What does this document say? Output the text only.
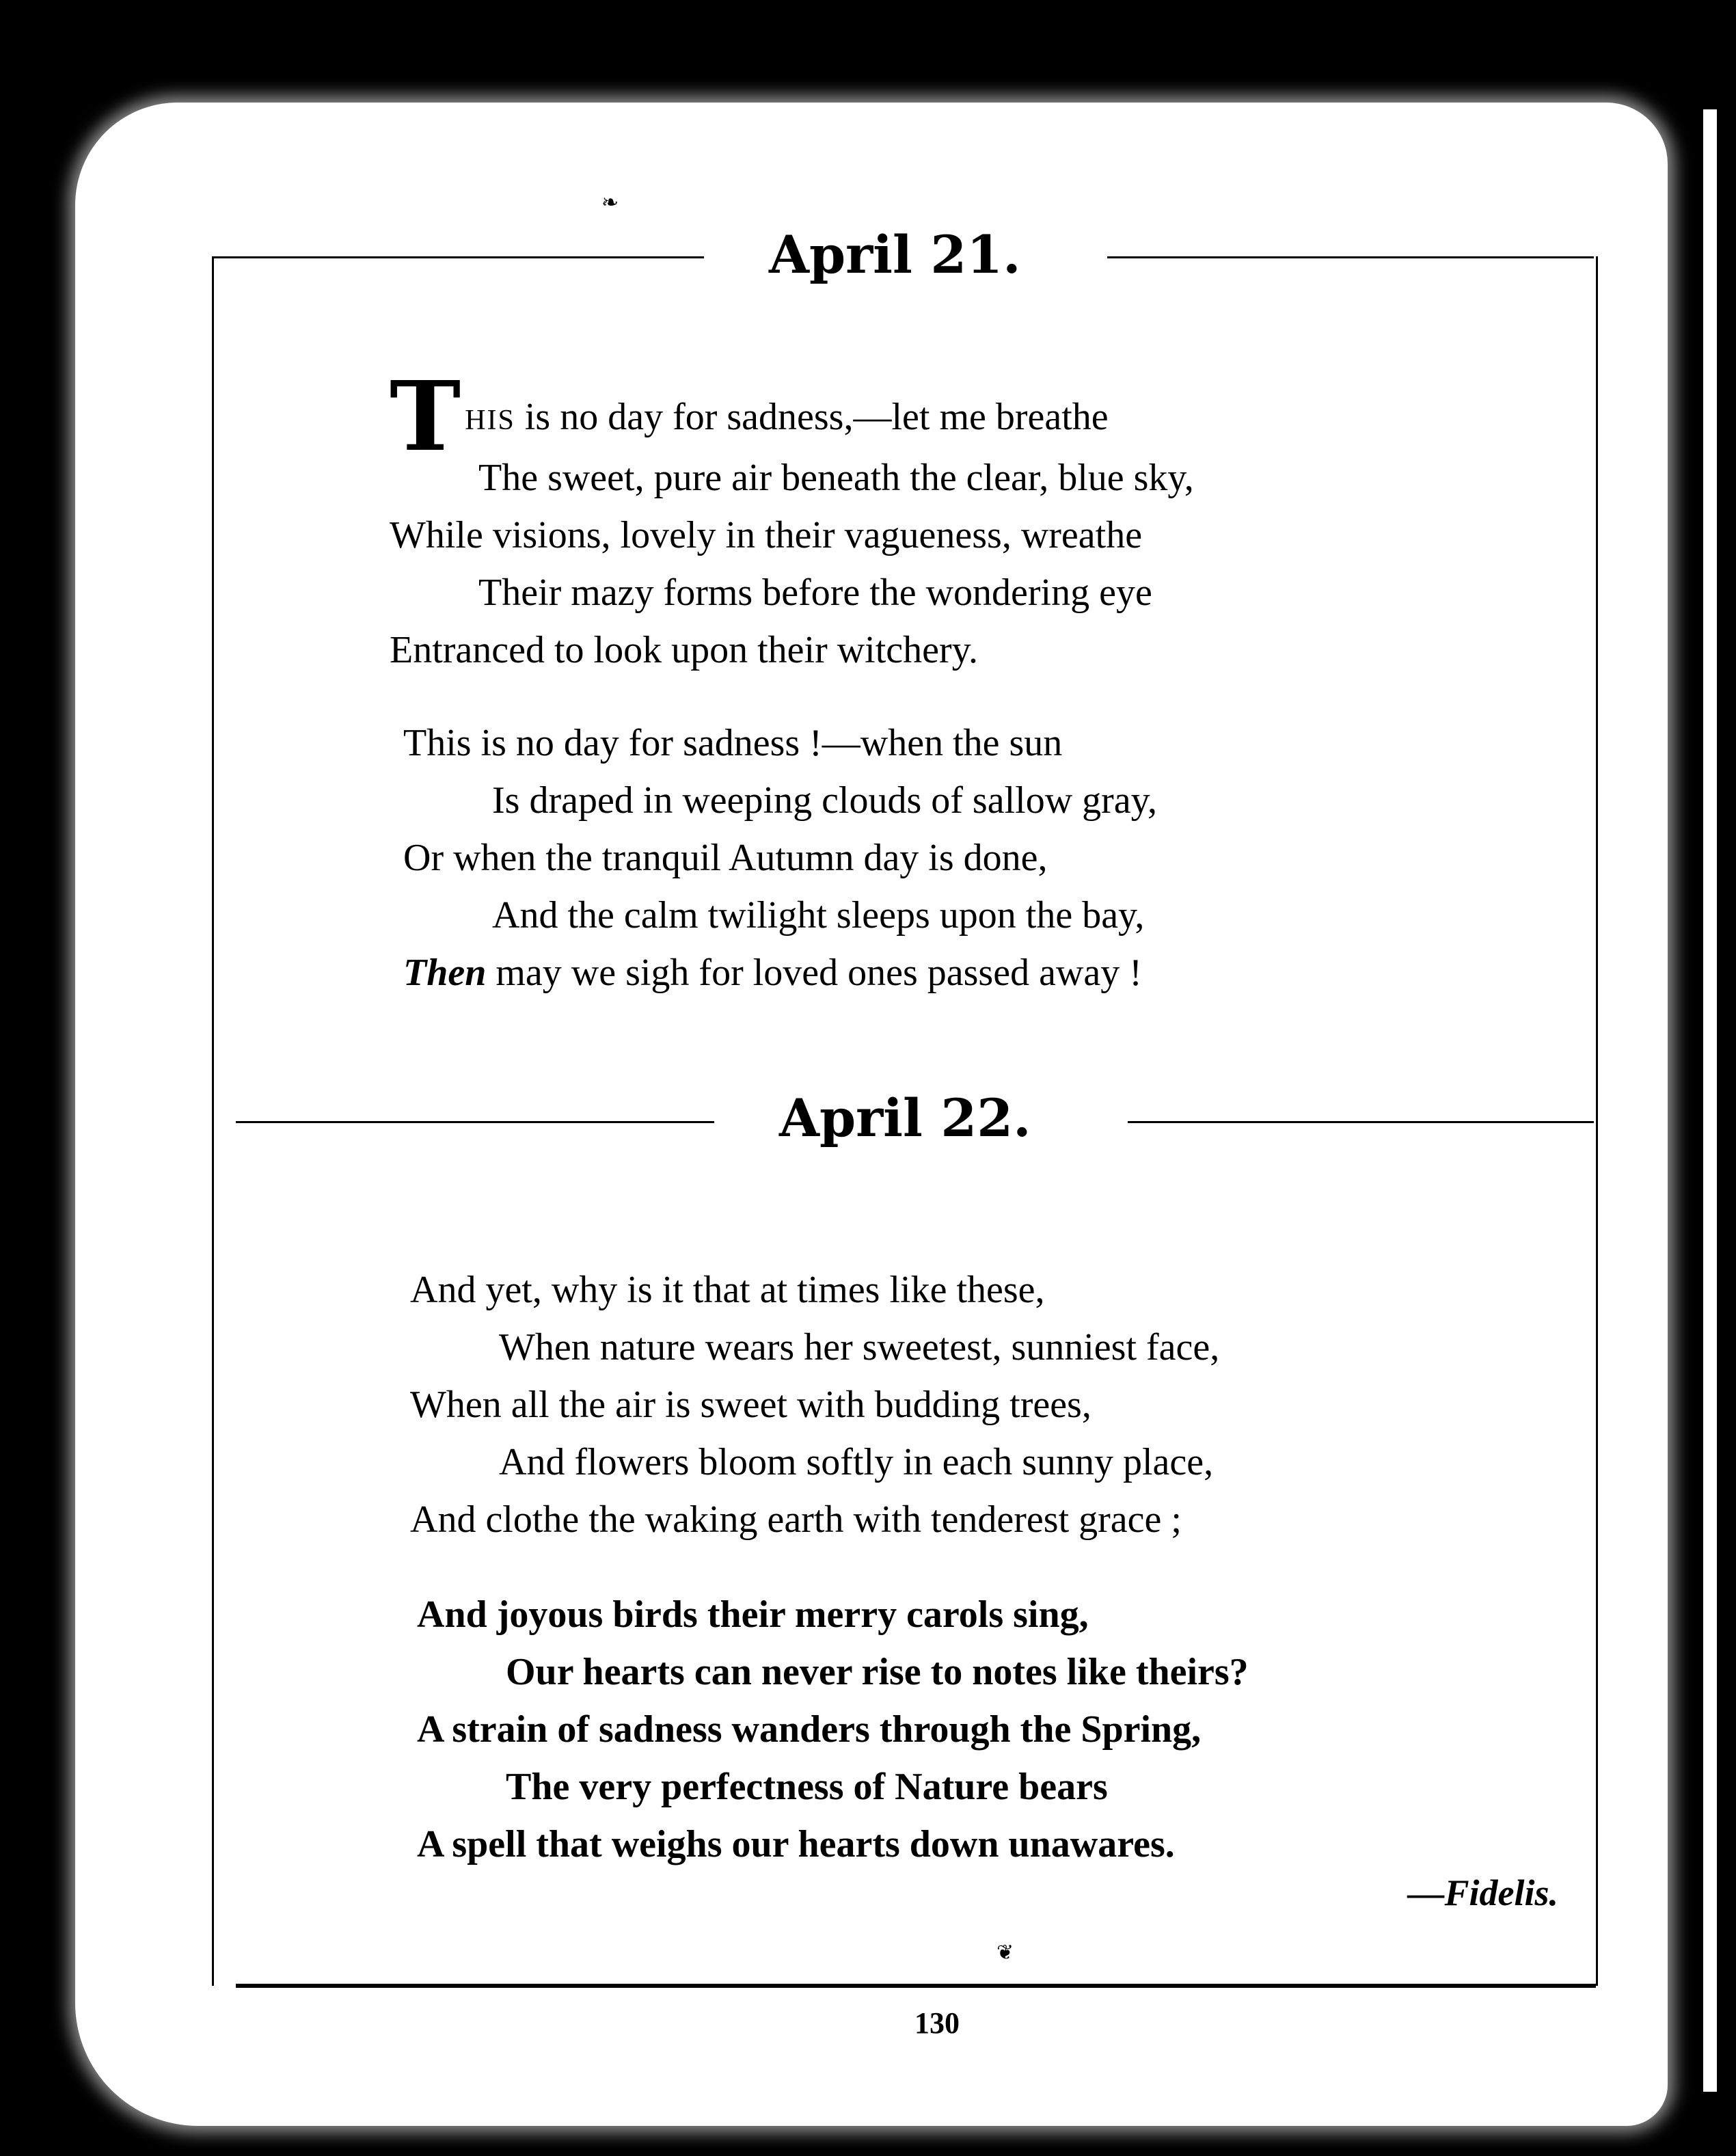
❧
April 21.
THIS is no day for sadness,—let me breathe
The sweet, pure air beneath the clear, blue sky,
While visions, lovely in their vagueness, wreathe
Their mazy forms before the wondering eye
Entranced to look upon their witchery.
This is no day for sadness !—when the sun
Is draped in weeping clouds of sallow gray,
Or when the tranquil Autumn day is done,
And the calm twilight sleeps upon the bay,
Then may we sigh for loved ones passed away !
April 22.
And yet, why is it that at times like these,
When nature wears her sweetest, sunniest face,
When all the air is sweet with budding trees,
And flowers bloom softly in each sunny place,
And clothe the waking earth with tenderest grace ;
And joyous birds their merry carols sing,
Our hearts can never rise to notes like theirs?
A strain of sadness wanders through the Spring,
The very perfectness of Nature bears
A spell that weighs our hearts down unawares.
—Fidelis.
❦
130
